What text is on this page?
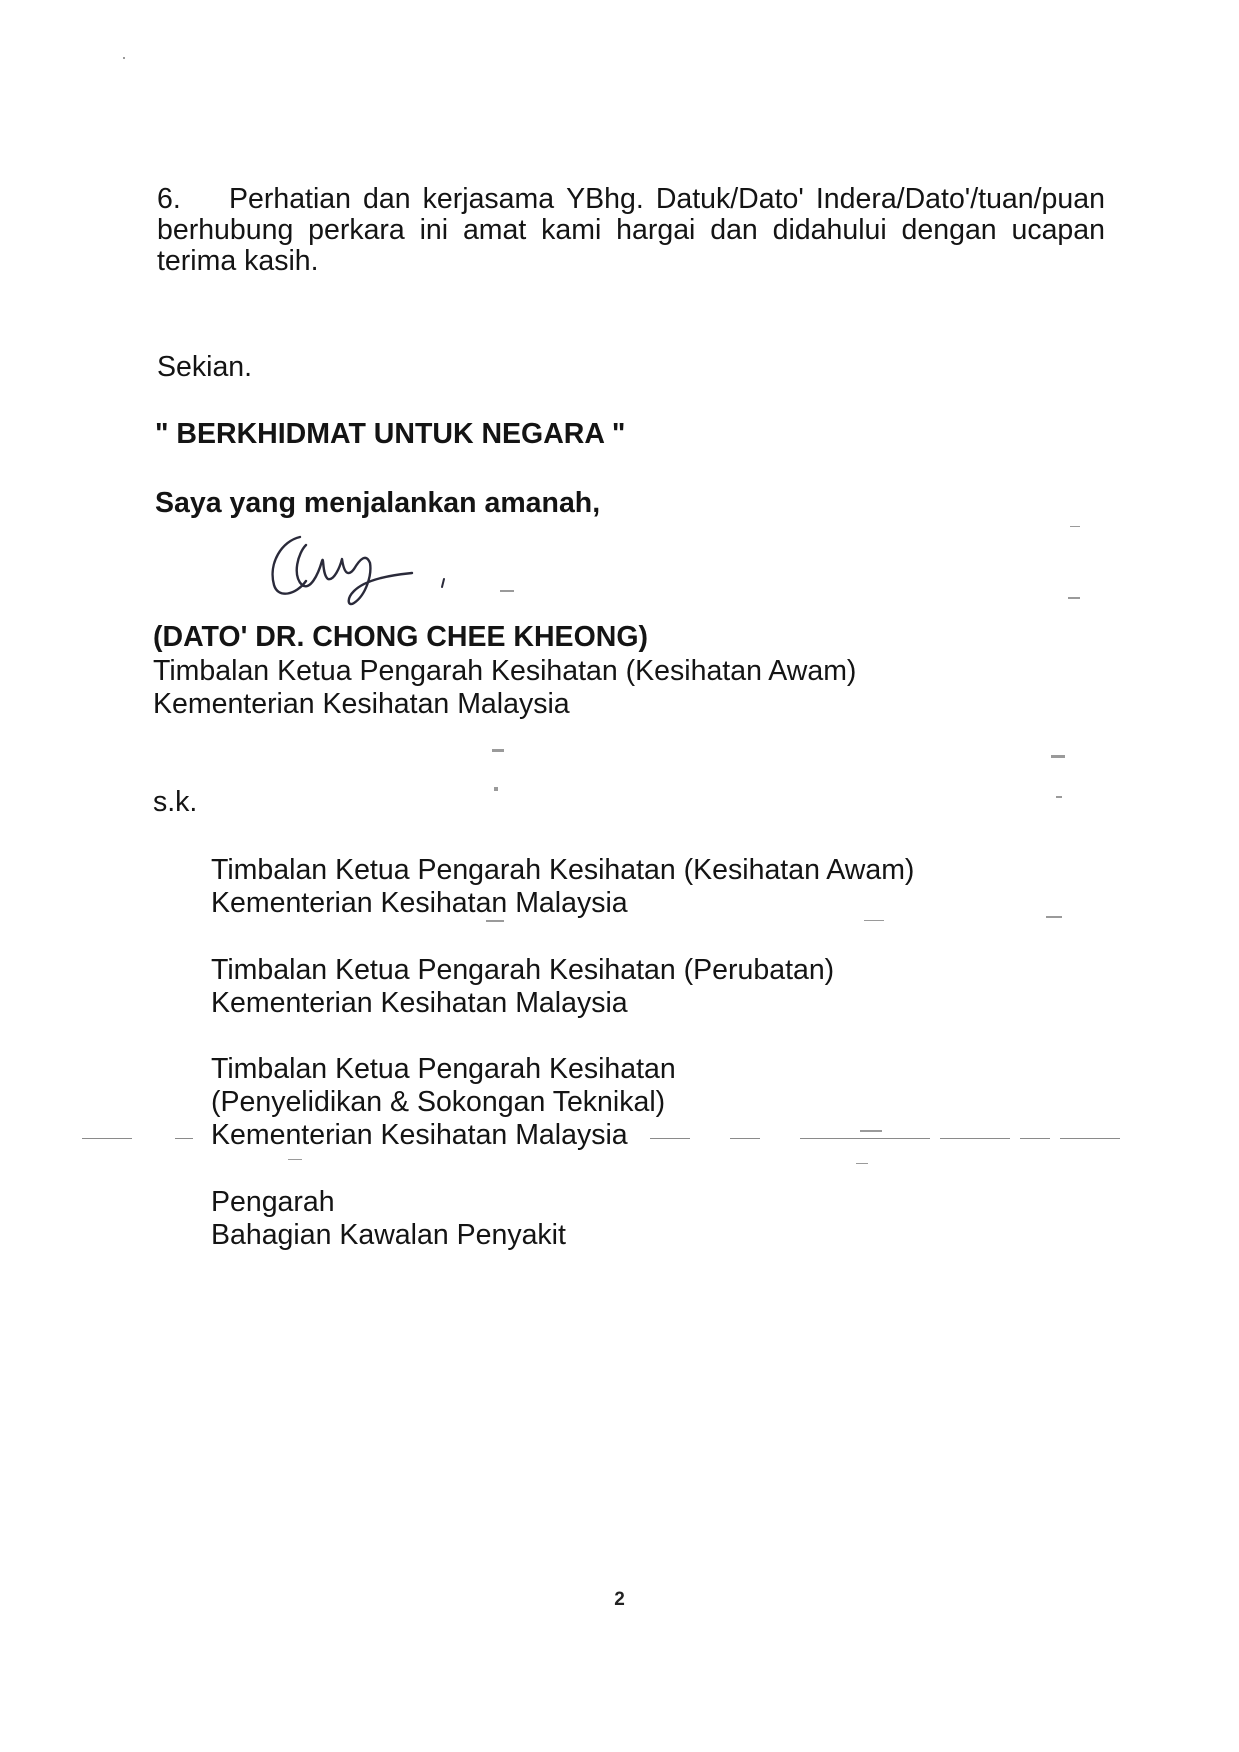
6.	Perhatian dan kerjasama YBhg. Datuk/Dato' Indera/Dato'/tuan/puan
berhubung perkara ini amat kami hargai dan didahului dengan ucapan
terima kasih.
Sekian.
" BERKHIDMAT UNTUK NEGARA "
Saya yang menjalankan amanah,
(DATO' DR. CHONG CHEE KHEONG)
Timbalan Ketua Pengarah Kesihatan (Kesihatan Awam)
Kementerian Kesihatan Malaysia
s.k.
Timbalan Ketua Pengarah Kesihatan (Kesihatan Awam)
Kementerian Kesihatan Malaysia
Timbalan Ketua Pengarah Kesihatan (Perubatan)
Kementerian Kesihatan Malaysia
Timbalan Ketua Pengarah Kesihatan
(Penyelidikan & Sokongan Teknikal)
Kementerian Kesihatan Malaysia
Pengarah
Bahagian Kawalan Penyakit
2
